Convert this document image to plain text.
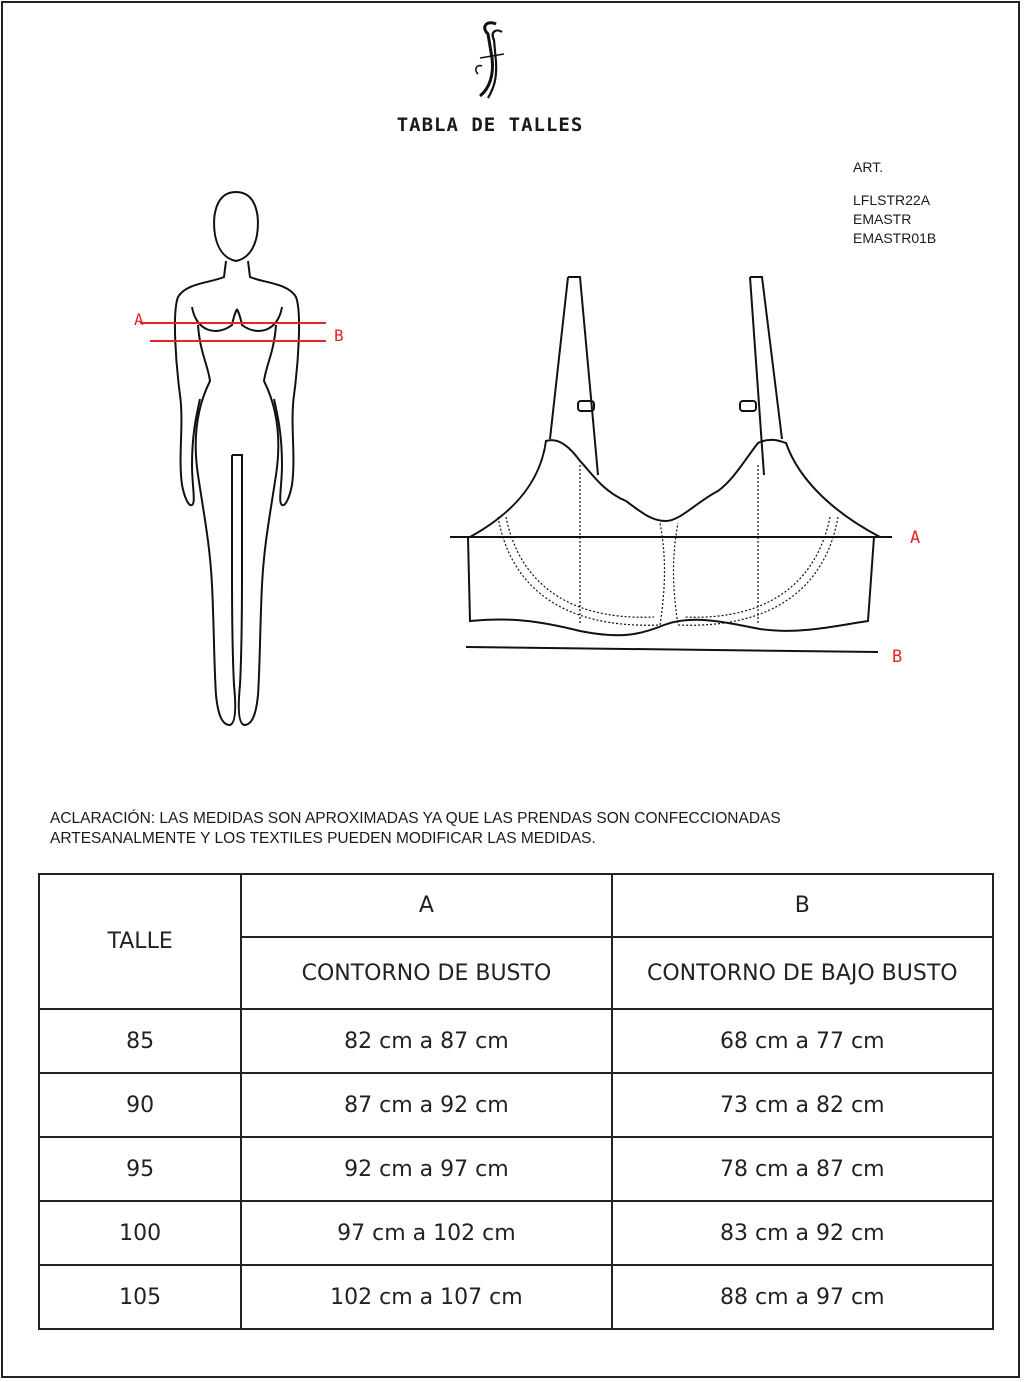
TABLA DE TALLES
ART.
LFLSTR22A
EMASTR
EMASTR01B
A
B
A
B
ACLARACIÓN: LAS MEDIDAS SON APROXIMADAS YA QUE LAS PRENDAS SON CONFECCIONADAS
ARTESANALMENTE Y LOS TEXTILES PUEDEN MODIFICAR LAS MEDIDAS.
TALLE	A	B
	CONTORNO DE BUSTO	CONTORNO DE BAJO BUSTO
85	82 cm a 87 cm	68 cm a 77 cm
90	87 cm a 92 cm	73 cm a 82 cm
95	92 cm a 97 cm	78 cm a 87 cm
100	97 cm a 102 cm	83 cm a 92 cm
105	102 cm a 107 cm	88 cm a 97 cm
